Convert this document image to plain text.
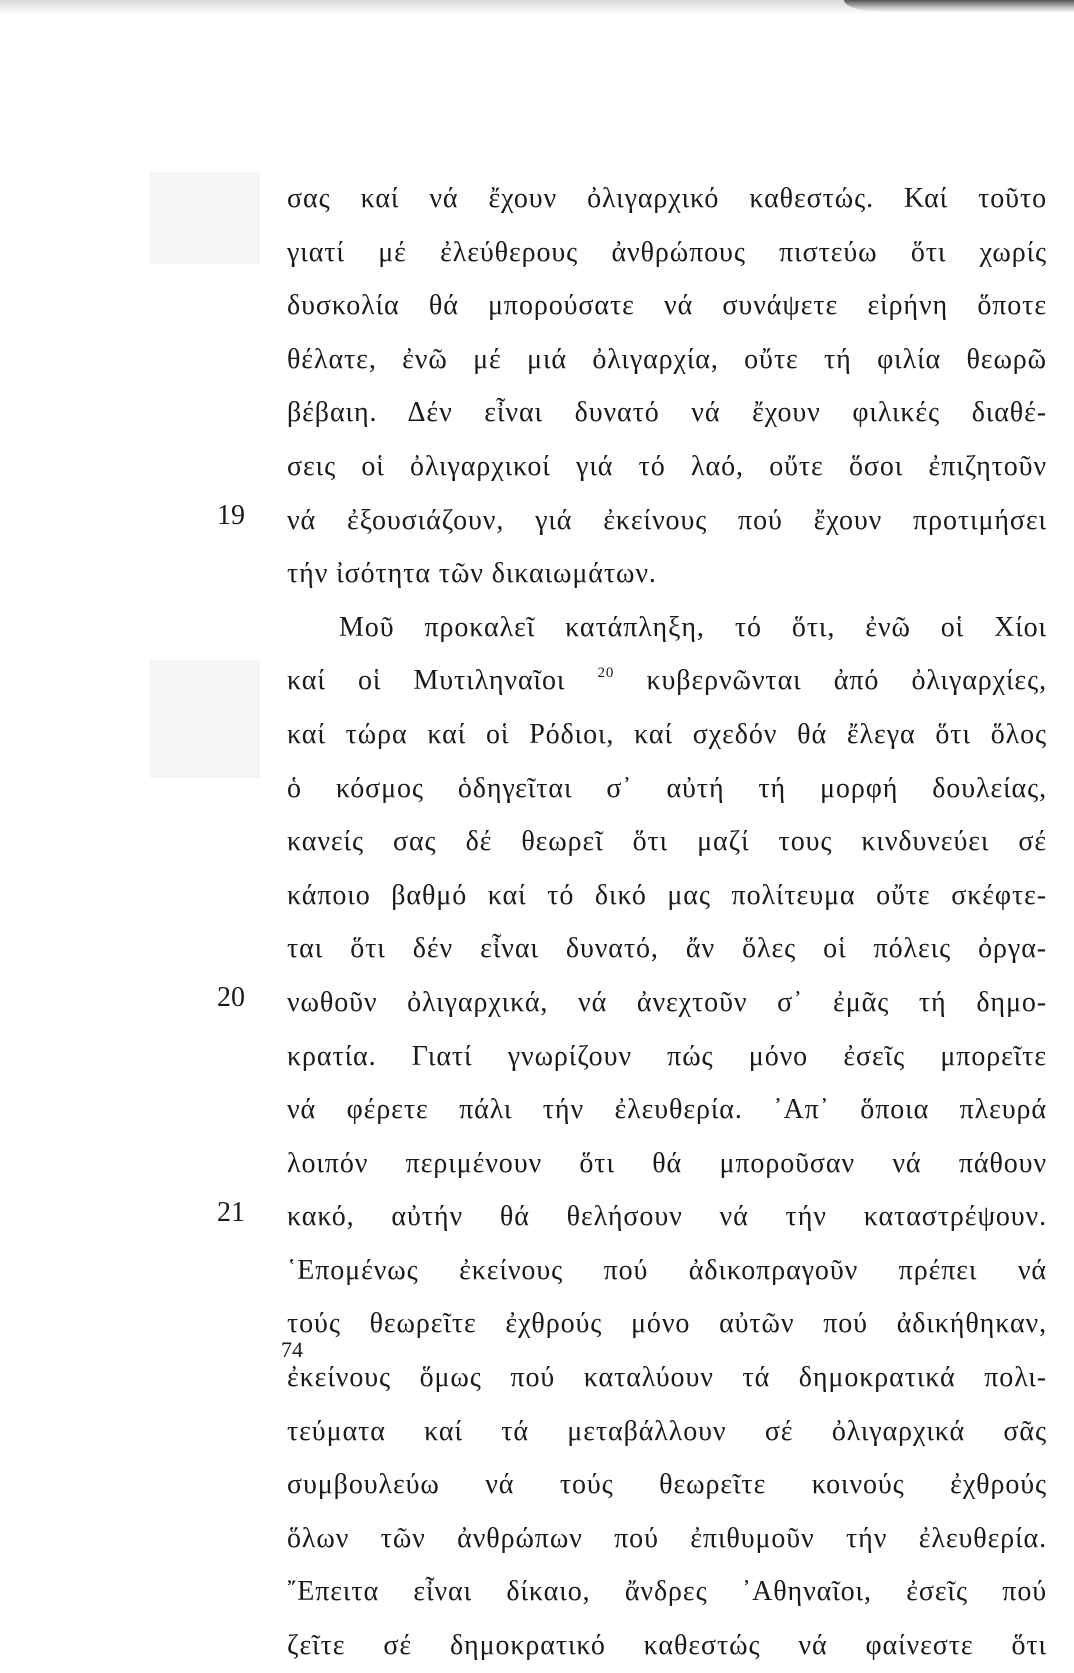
σας καί νά ἔχουν ὀλιγαρχικό καθεστώς. Καί τοῦτο
γιατί μέ ἐλεύθερους ἀνθρώπους πιστεύω ὅτι χωρίς
δυσκολία θά μπορούσατε νά συνάψετε εἰρήνη ὅποτε
θέλατε, ἐνῶ μέ μιά ὀλιγαρχία, οὔτε τή φιλία θεωρῶ
βέβαιη. Δέν εἶναι δυνατό νά ἔχουν φιλικές διαθέ-
σεις οἱ ὀλιγαρχικοί γιά τό λαό, οὔτε ὅσοι ἐπιζητοῦν
νά ἐξουσιάζουν, γιά ἐκείνους πού ἔχουν προτιμήσει
τήν ἰσότητα τῶν δικαιωμάτων.
Μοῦ προκαλεῖ κατάπληξη, τό ὅτι, ἐνῶ οἱ Χίοι
καί οἱ Μυτιληναῖοι $^{20}$ κυβερνῶνται ἀπό ὀλιγαρχίες,
καί τώρα καί οἱ Ρόδιοι, καί σχεδόν θά ἔλεγα ὅτι ὅλος
ὁ κόσμος ὁδηγεῖται σ᾽ αὐτή τή μορφή δουλείας,
κανείς σας δέ θεωρεῖ ὅτι μαζί τους κινδυνεύει σέ
κάποιο βαθμό καί τό δικό μας πολίτευμα οὔτε σκέφτε-
ται ὅτι δέν εἶναι δυνατό, ἄν ὅλες οἱ πόλεις ὀργα-
νωθοῦν ὀλιγαρχικά, νά ἀνεχτοῦν σ᾽ ἐμᾶς τή δημο-
κρατία. Γιατί γνωρίζουν πώς μόνο ἐσεῖς μπορεῖτε
νά φέρετε πάλι τήν ἐλευθερία. ᾿Απ᾽ ὅποια πλευρά
λοιπόν περιμένουν ὅτι θά μποροῦσαν νά πάθουν
κακό, αὐτήν θά θελήσουν νά τήν καταστρέψουν.
῾Επομένως ἐκείνους πού ἀδικοπραγοῦν πρέπει νά
τούς θεωρεῖτε ἐχθρούς μόνο αὐτῶν πού ἀδικήθηκαν,
ἐκείνους ὅμως πού καταλύουν τά δημοκρατικά πολι-
τεύματα καί τά μεταβάλλουν σέ ὀλιγαρχικά σᾶς
συμβουλεύω νά τούς θεωρεῖτε κοινούς ἐχθρούς
ὅλων τῶν ἀνθρώπων πού ἐπιθυμοῦν τήν ἐλευθερία.
῎Επειτα εἶναι δίκαιο, ἄνδρες ᾿Αθηναῖοι, ἐσεῖς πού
ζεῖτε σέ δημοκρατικό καθεστώς νά φαίνεστε ὅτι
19
20
21
74
